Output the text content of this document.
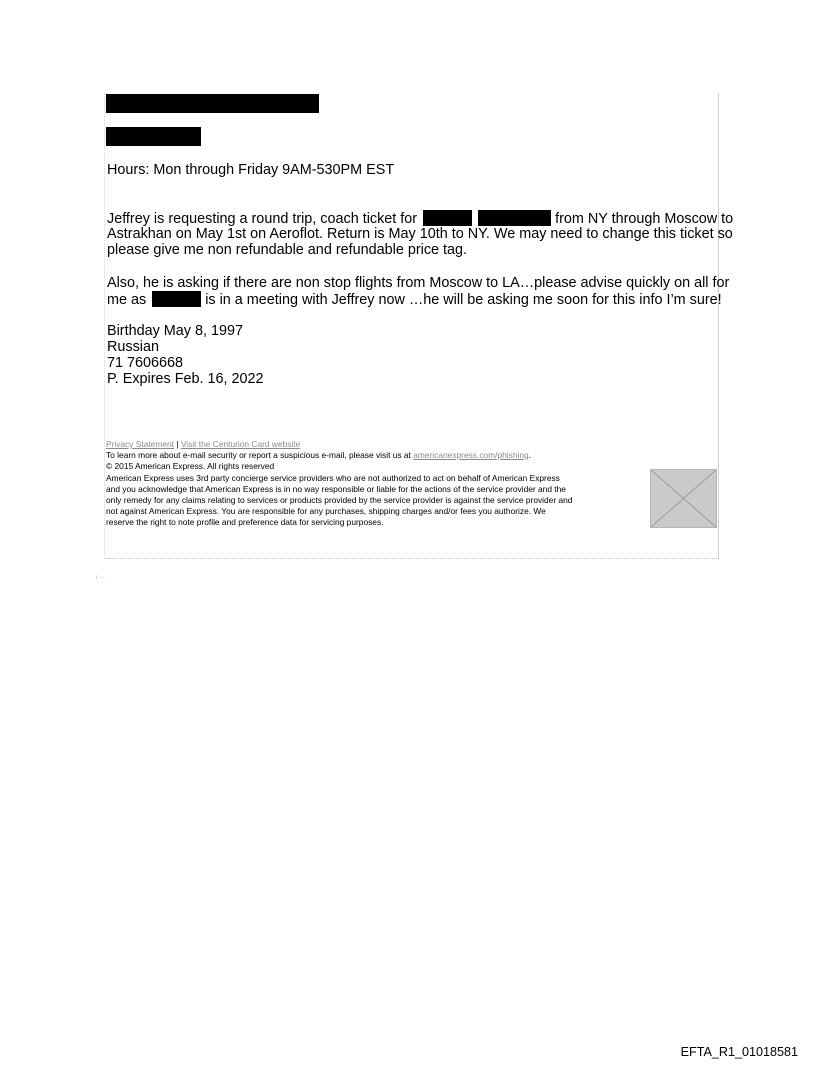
Hours: Mon through Friday 9AM-530PM EST
Jeffrey is requesting a round trip, coach ticket for	from NY through Moscow to
Astrakhan on May 1st on Aeroflot. Return is May 10th to NY. We may need to change this ticket so
please give me non refundable and refundable price tag.
Also, he is asking if there are non stop flights from Moscow to LA…please advise quickly on all for
me as	is in a meeting with Jeffrey now …he will be asking me soon for this info I’m sure!
Birthday May 8, 1997
Russian
71 7606668
P. Expires Feb. 16, 2022
Privacy Statement | Visit the Centurion Card website
To learn more about e-mail security or report a suspicious e-mail, please visit us at americanexpress.com/phishing.
© 2015 American Express. All rights reserved
American Express uses 3rd party concierge service providers who are not authorized to act on behalf of American Express
and you acknowledge that American Express is in no way responsible or liable for the actions of the service provider and the
only remedy for any claims relating to services or products provided by the service provider is against the service provider and
not against American Express. You are responsible for any purchases, shipping charges and/or fees you authorize. We
reserve the right to note profile and preference data for servicing purposes.
¦ ......
EFTA_R1_01018581
